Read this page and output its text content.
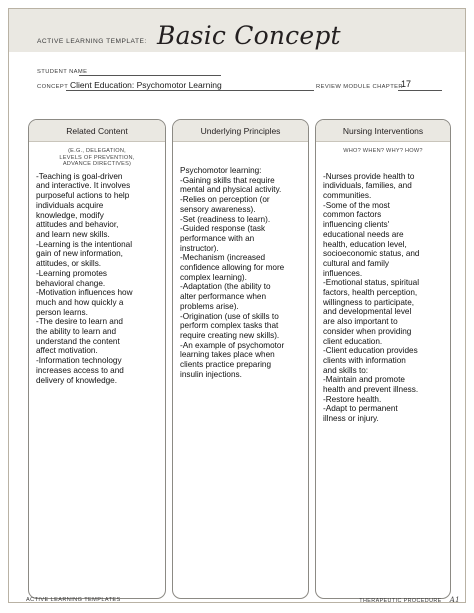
ACTIVE LEARNING TEMPLATE: Basic Concept
STUDENT NAME
CONCEPT Client Education: Psychomotor Learning	REVIEW MODULE CHAPTER
17
Related Content
(E.G., DELEGATION,
LEVELS OF PREVENTION,
ADVANCE DIRECTIVES)
-Teaching is goal-driven
and interactive. It involves
purposeful actions to help
individuals acquire
knowledge, modify
attitudes and behavior,
and learn new skills.
-Learning is the intentional
gain of new information,
attitudes, or skills.
-Learning promotes
behavioral change.
-Motivation influences how
much and how quickly a
person learns.
-The desire to learn and
the ability to learn and
understand the content
affect motivation.
-Information technology
increases access to and
delivery of knowledge.
Underlying Principles
Psychomotor learning:
-Gaining skills that require
mental and physical activity.
-Relies on perception (or
sensory awareness).
-Set (readiness to learn).
-Guided response (task
performance with an
instructor).
-Mechanism (increased
confidence allowing for more
complex learning).
-Adaptation (the ability to
alter performance when
problems arise).
-Origination (use of skills to
perform complex tasks that
require creating new skills).
-An example of psychomotor
learning takes place when
clients practice preparing
insulin injections.
Nursing Interventions
WHO? WHEN? WHY? HOW?
-Nurses provide health to
individuals, families, and
communities.
-Some of the most
common factors
influencing clients'
educational needs are
health, education level,
socioeconomic status, and
cultural and family
influences.
-Emotional status, spiritual
factors, health perception,
willingness to participate,
and developmental level
are also important to
consider when providing
client education.
-Client education provides
clients with information
and skills to:
-Maintain and promote
health and prevent illness.
-Restore health.
-Adapt to permanent
illness or injury.
ACTIVE LEARNING TEMPLATES	THERAPEUTIC PROCEDURE A1
